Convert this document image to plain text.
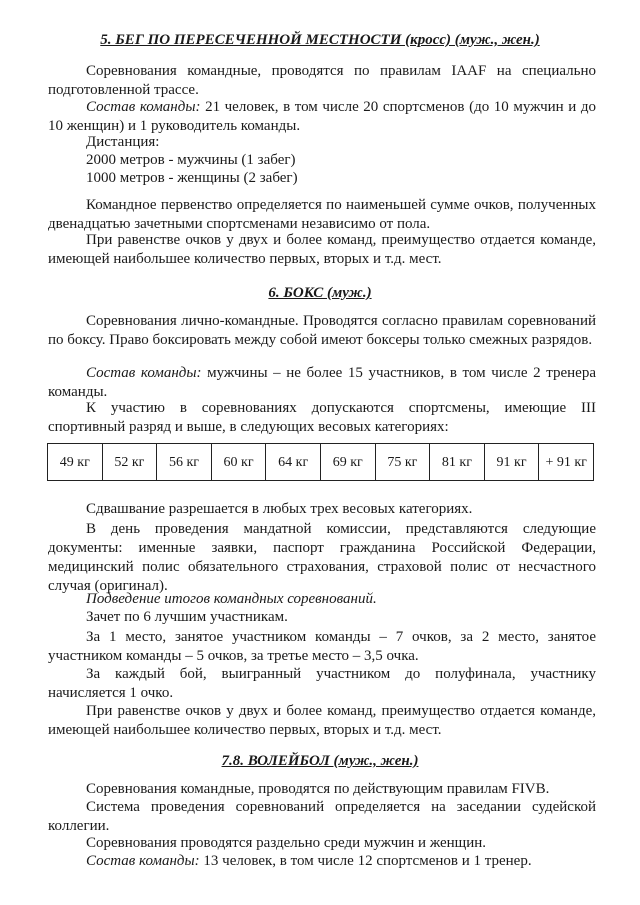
5. БЕГ ПО ПЕРЕСЕЧЕННОЙ МЕСТНОСТИ (кросс) (муж., жен.)

Соревнования командные, проводятся по правилам IAAF на специально подготовленной трассе.

Состав команды: 21 человек, в том числе 20 спортсменов (до 10 мужчин и до 10 женщин) и 1 руководитель команды.

Дистанция:

2000 метров - мужчины (1 забег)

1000 метров - женщины (2 забег)

Командное первенство определяется по наименьшей сумме очков, полученных двенадцатью зачетными спортсменами независимо от пола.

При равенстве очков у двух и более команд, преимущество отдается команде, имеющей наибольшее количество первых, вторых и т.д. мест.

6. БОКС (муж.)

Соревнования лично-командные. Проводятся согласно правилам соревнований по боксу. Право боксировать между собой имеют боксеры только смежных разрядов.

Состав команды: мужчины – не более 15 участников, в том числе 2 тренера команды.

К участию в соревнованиях допускаются спортсмены, имеющие III спортивный разряд и выше, в следующих весовых категориях:

49 кг	52 кг	56 кг	60 кг	64 кг	69 кг	75 кг	81 кг	91 кг	+ 91 кг

Сдвашвание разрешается в любых трех весовых категориях.

В день проведения мандатной комиссии, представляются следующие документы: именные заявки, паспорт гражданина Российской Федерации, медицинский полис обязательного страхования, страховой полис от несчастного случая (оригинал).

Подведение итогов командных соревнований.

Зачет по 6 лучшим участникам.

За 1 место, занятое участником команды – 7 очков, за 2 место, занятое участником команды – 5 очков, за третье место – 3,5 очка.

За каждый бой, выигранный участником до полуфинала, участнику начисляется 1 очко.

При равенстве очков у двух и более команд, преимущество отдается команде, имеющей наибольшее количество первых, вторых и т.д. мест.

7.8. ВОЛЕЙБОЛ (муж., жен.)

Соревнования командные, проводятся по действующим правилам FIVB.

Система проведения соревнований определяется на заседании судейской коллегии.

Соревнования проводятся раздельно среди мужчин и женщин.

Состав команды: 13 человек, в том числе 12 спортсменов и 1 тренер.
